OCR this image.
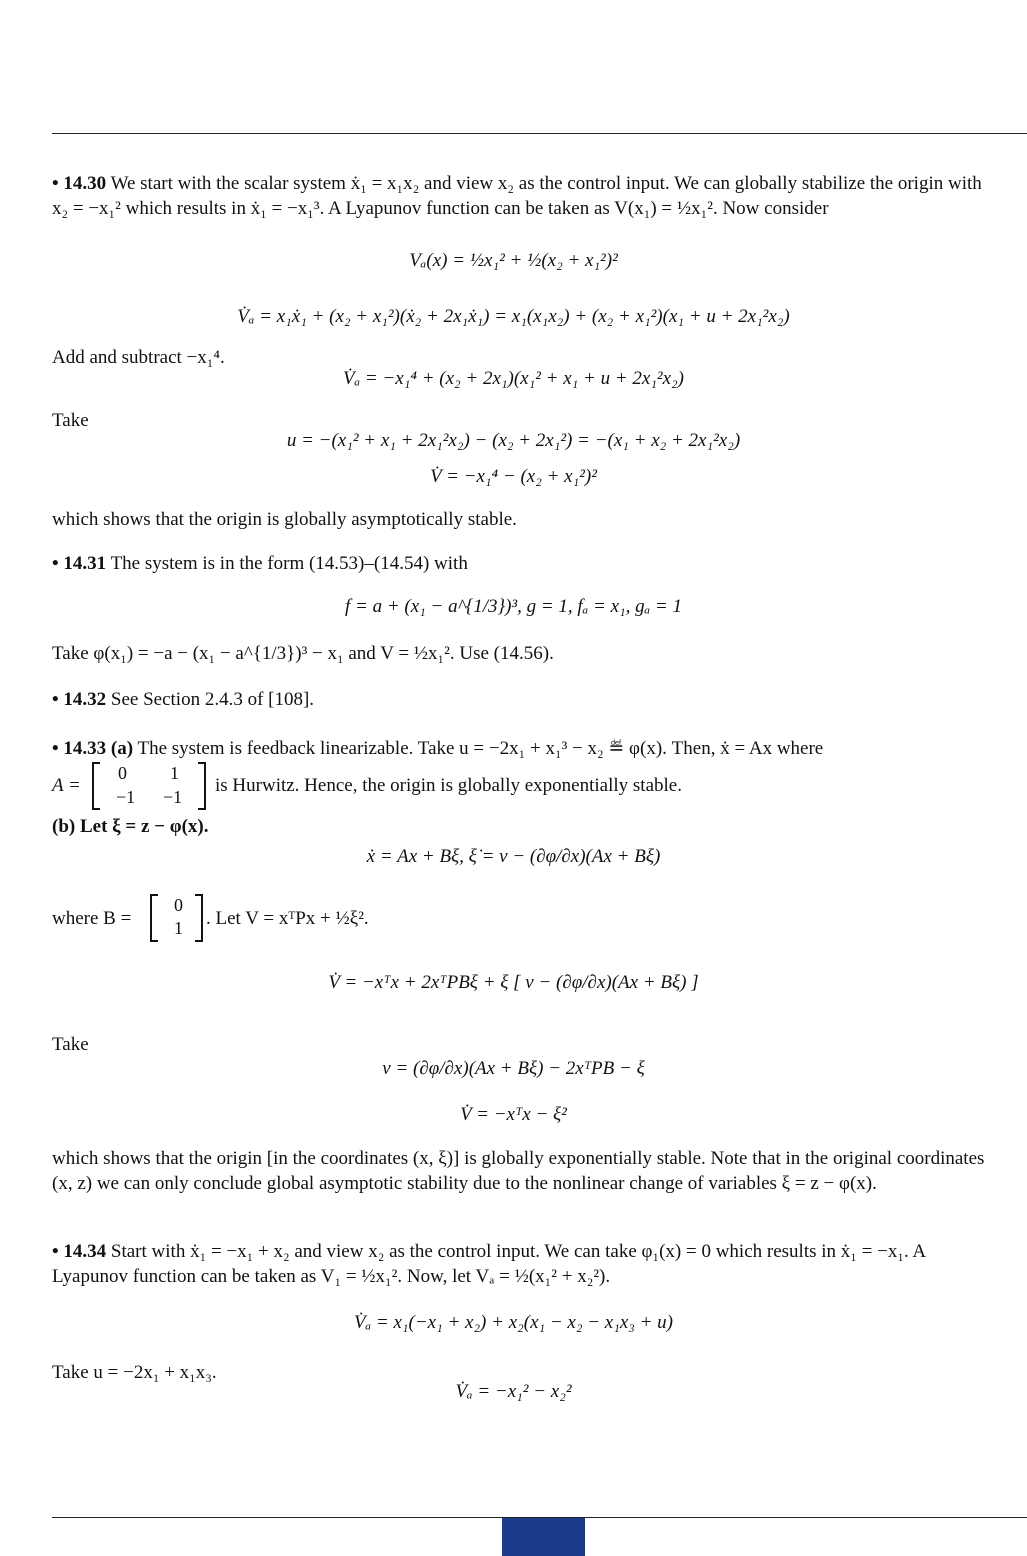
• 14.30 We start with the scalar system ẋ₁ = x₁x₂ and view x₂ as the control input. We can globally stabilize the origin with x₂ = −x₁² which results in ẋ₁ = −x₁³. A Lyapunov function can be taken as V(x₁) = ½x₁². Now consider
Vₐ(x) = ½x₁² + ½(x₂ + x₁²)²
V̇ₐ = x₁ẋ₁ + (x₂ + x₁²)(ẋ₂ + 2x₁ẋ₁) = x₁(x₁x₂) + (x₂ + x₁²)(x₁ + u + 2x₁²x₂)
Add and subtract −x₁⁴.
V̇ₐ = −x₁⁴ + (x₂ + 2x₁)(x₁² + x₁ + u + 2x₁²x₂)
Take
u = −(x₁² + x₁ + 2x₁²x₂) − (x₂ + 2x₁²) = −(x₁ + x₂ + 2x₁²x₂)
V̇ = −x₁⁴ − (x₂ + x₁²)²
which shows that the origin is globally asymptotically stable.
• 14.31 The system is in the form (14.53)–(14.54) with
f = a + (x₁ − a^{1/3})³, g = 1, fₐ = x₁, gₐ = 1
Take φ(x₁) = −a − (x₁ − a^{1/3})³ − x₁ and V = ½x₁². Use (14.56).
• 14.32 See Section 2.4.3 of [108].
• 14.33 (a) The system is feedback linearizable. Take u = −2x₁ + x₁³ − x₂ ≝ φ(x). Then, ẋ = Ax where
A =
0 1
−1 −1
is Hurwitz. Hence, the origin is globally exponentially stable.
(b) Let ξ = z − φ(x).
ẋ = Ax + Bξ, ξ̇ = v − (∂φ/∂x)(Ax + Bξ)
where B =
0
1 . Let V = xᵀPx + ½ξ².
V̇ = −xᵀx + 2xᵀPBξ + ξ [ v − (∂φ/∂x)(Ax + Bξ) ]
Take
v = (∂φ/∂x)(Ax + Bξ) − 2xᵀPB − ξ
V̇ = −xᵀx − ξ²
which shows that the origin [in the coordinates (x, ξ)] is globally exponentially stable. Note that in the original coordinates (x, z) we can only conclude global asymptotic stability due to the nonlinear change of variables ξ = z − φ(x).
• 14.34 Start with ẋ₁ = −x₁ + x₂ and view x₂ as the control input. We can take φ₁(x) = 0 which results in ẋ₁ = −x₁. A Lyapunov function can be taken as V₁ = ½x₁². Now, let Vₐ = ½(x₁² + x₂²).
V̇ₐ = x₁(−x₁ + x₂) + x₂(x₁ − x₂ − x₁x₃ + u)
Take u = −2x₁ + x₁x₃.
V̇ₐ = −x₁² − x₂²
